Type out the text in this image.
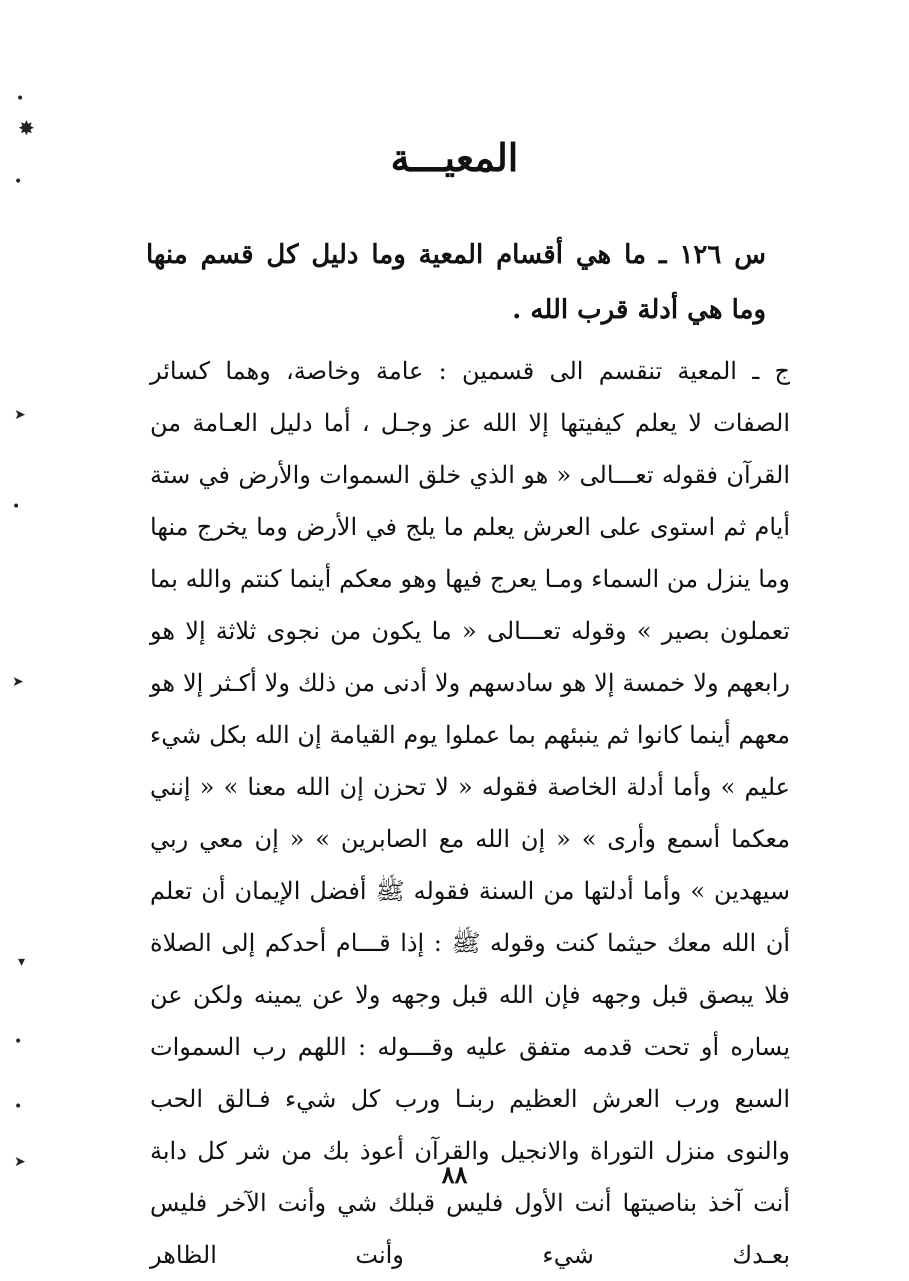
المعيـــة
س ١٢٦ ـ ما هي أقسام المعية وما دليل كل قسم منها وما هي أدلة قرب الله .
ج ـ المعية تنقسم الى قسمين : عامة وخاصة، وهما كسائر الصفات لا يعلم كيفيتها إلا الله عز وجـل ، أما دليل العـامة من القرآن فقوله تعـــالى « هو الذي خلق السموات والأرض في ستة أيام ثم استوى على العرش يعلم ما يلج في الأرض وما يخرج منها وما ينزل من السماء ومـا يعرج فيها وهو معكم أينما كنتم والله بما تعملون بصير » وقوله تعـــالى « ما يكون من نجوى ثلاثة إلا هو رابعهم ولا خمسة إلا هو سادسهم ولا أدنى من ذلك ولا أكـثر إلا هو معهم أينما كانوا ثم ينبئهم بما عملوا يوم القيامة إن الله بكل شيء عليم » وأما أدلة الخاصة فقوله « لا تحزن إن الله معنا » « إنني معكما أسمع وأرى » « إن الله مع الصابرين » « إن معي ربي سيهدين » وأما أدلتها من السنة فقوله ﷺ أفضل الإيمان أن تعلم أن الله معك حيثما كنت وقوله ﷺ : إذا قـــام أحدكم إلى الصلاة فلا يبصق قبل وجهه فإن الله قبل وجهه ولا عن يمينه ولكن عن يساره أو تحت قدمه متفق عليه وقـــوله : اللهم رب السموات السبع ورب العرش العظيم ربنـا ورب كل شيء فـالق الحب والنوى منزل التوراة والانجيل والقرآن أعوذ بك من شر كل دابة أنت آخذ بناصيتها أنت الأول فليس قبلك شي وأنت الآخر فليس بعـدك شيء وأنت الظاهر
٨٨
•
✸
•
➤
•
➤
▾
•
•
➤
